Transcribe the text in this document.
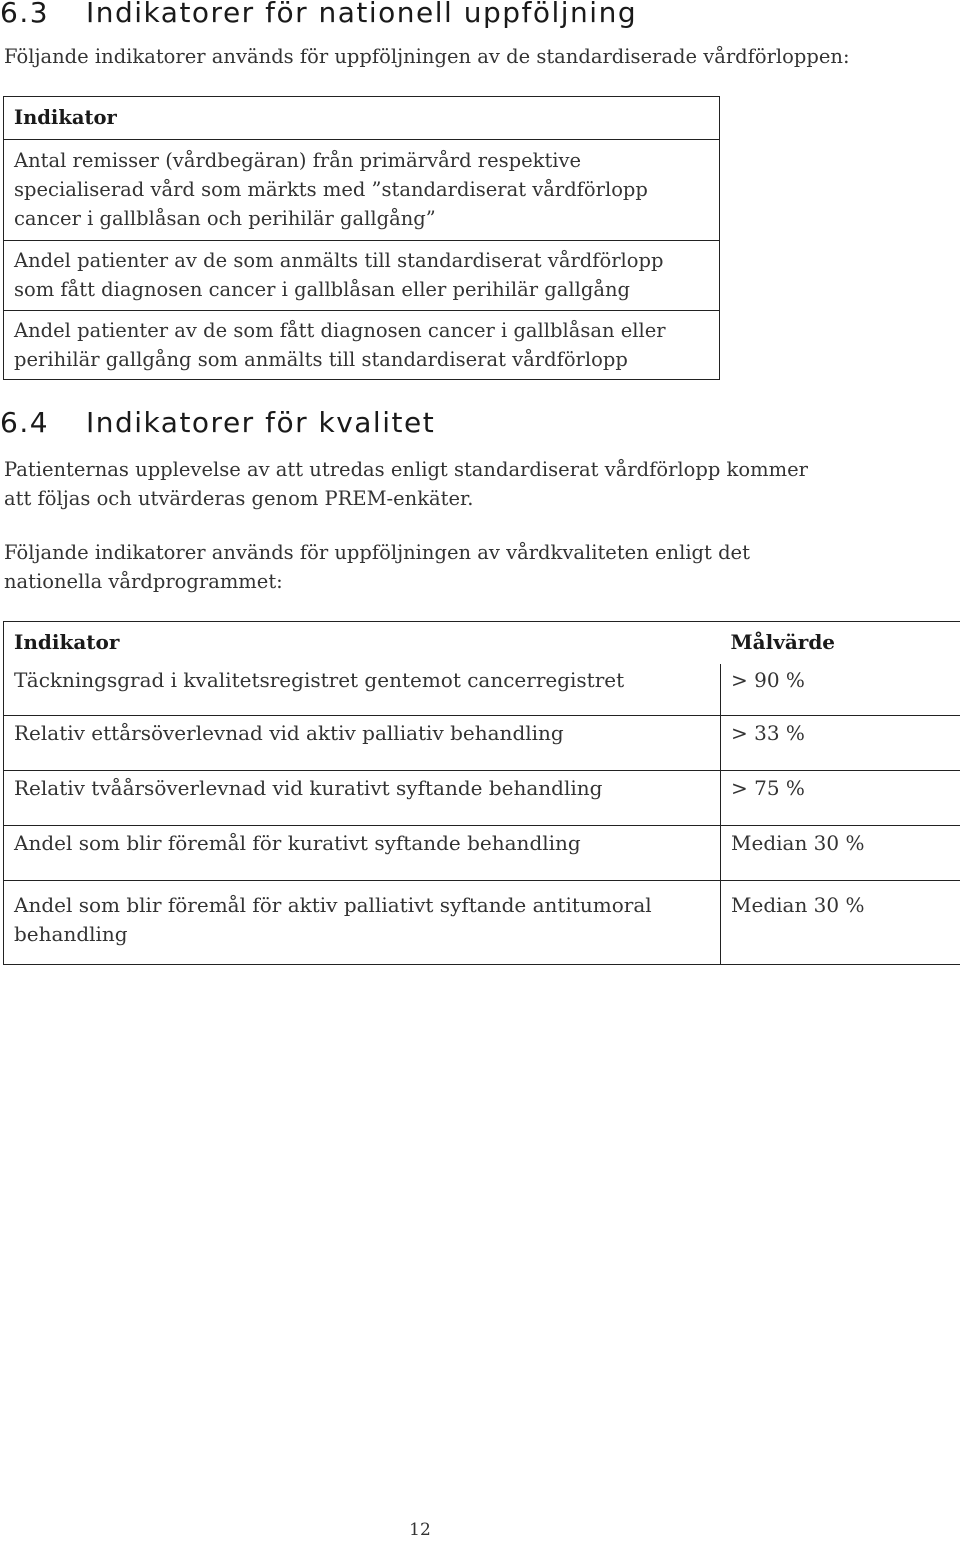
6.3 Indikatorer för nationell uppföljning

Följande indikatorer används för uppföljningen av de standardiserade vårdförloppen:

Indikator
Antal remisser (vårdbegäran) från primärvård respektive specialiserad vård som märkts med ”standardiserat vårdförlopp cancer i gallblåsan och perihilär gallgång”
Andel patienter av de som anmälts till standardiserat vårdförlopp som fått diagnosen cancer i gallblåsan eller perihilär gallgång
Andel patienter av de som fått diagnosen cancer i gallblåsan eller perihilär gallgång som anmälts till standardiserat vårdförlopp
6.4 Indikatorer för kvalitet

Patienternas upplevelse av att utredas enligt standardiserat vårdförlopp kommer att följas och utvärderas genom PREM-enkäter.

Följande indikatorer används för uppföljningen av vårdkvaliteten enligt det nationella vårdprogrammet:

Indikator	Målvärde
Täckningsgrad i kvalitetsregistret gentemot cancerregistret	> 90 %
Relativ ettårsöverlevnad vid aktiv palliativ behandling	> 33 %
Relativ tvåårsöverlevnad vid kurativt syftande behandling	> 75 %
Andel som blir föremål för kurativt syftande behandling	Median 30 %
Andel som blir föremål för aktiv palliativt syftande antitumoral behandling	Median 30 %
12
